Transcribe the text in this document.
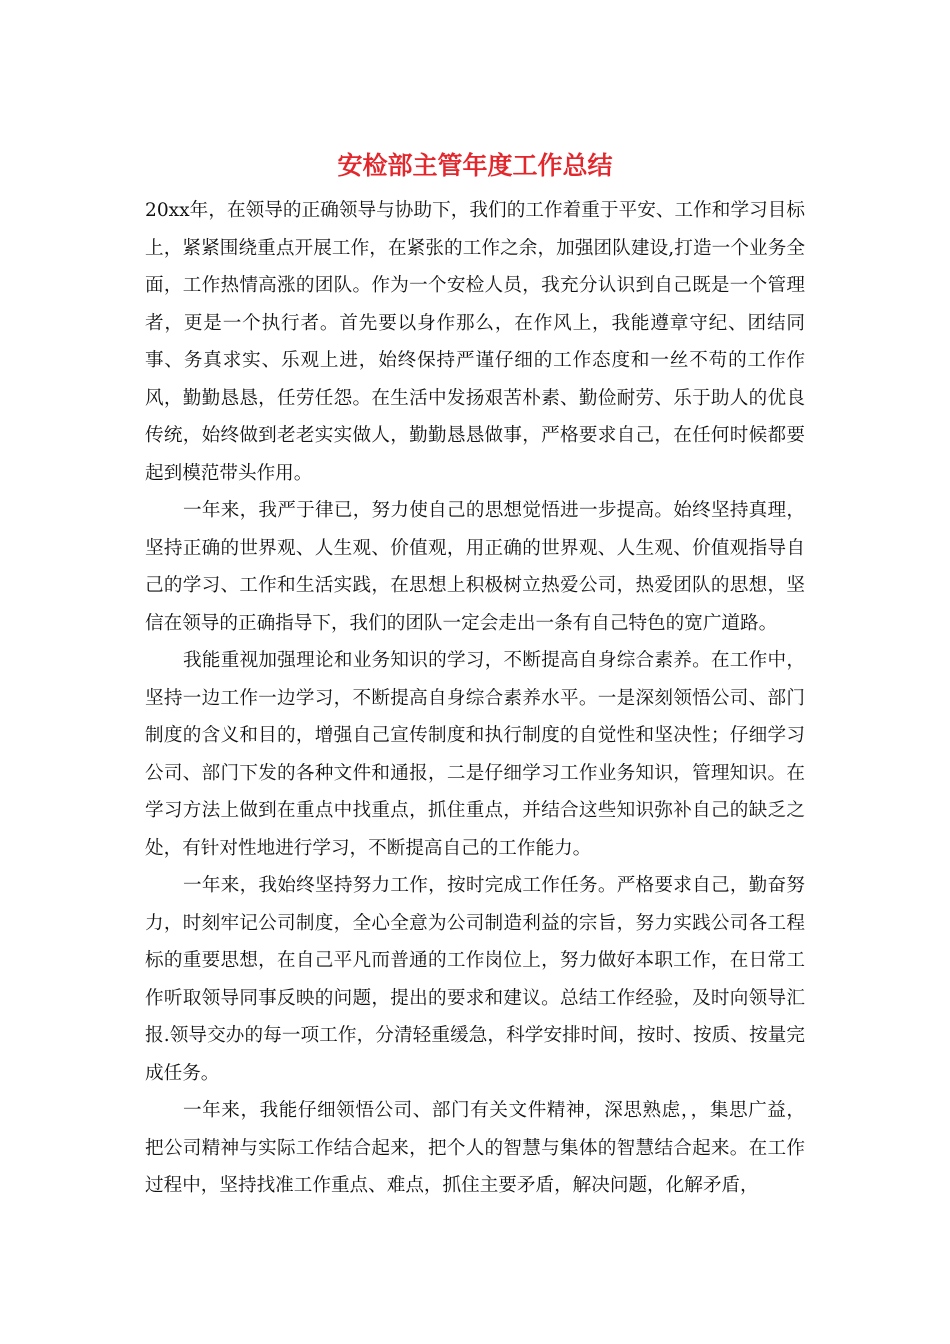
安检部主管年度工作总结

20xx年，在领导的正确领导与协助下，我们的工作着重于平安、工作和学习目标上，紧紧围绕重点开展工作，在紧张的工作之余，加强团队建设,打造一个业务全面，工作热情高涨的团队。作为一个安检人员，我充分认识到自己既是一个管理者，更是一个执行者。首先要以身作那么，在作风上，我能遵章守纪、团结同事、务真求实、乐观上进，始终保持严谨仔细的工作态度和一丝不苟的工作作风，勤勤恳恳，任劳任怨。在生活中发扬艰苦朴素、勤俭耐劳、乐于助人的优良传统，始终做到老老实实做人，勤勤恳恳做事，严格要求自己，在任何时候都要起到模范带头作用。

一年来，我严于律已，努力使自己的思想觉悟进一步提高。始终坚持真理，坚持正确的世界观、人生观、价值观，用正确的世界观、人生观、价值观指导自己的学习、工作和生活实践，在思想上积极树立热爱公司，热爱团队的思想，坚信在领导的正确指导下，我们的团队一定会走出一条有自己特色的宽广道路。

我能重视加强理论和业务知识的学习，不断提高自身综合素养。在工作中，坚持一边工作一边学习，不断提高自身综合素养水平。一是深刻领悟公司、部门制度的含义和目的，增强自己宣传制度和执行制度的自觉性和坚决性；仔细学习公司、部门下发的各种文件和通报，二是仔细学习工作业务知识，管理知识。在学习方法上做到在重点中找重点，抓住重点，并结合这些知识弥补自己的缺乏之处，有针对性地进行学习，不断提高自己的工作能力。

一年来，我始终坚持努力工作，按时完成工作任务。严格要求自己，勤奋努力，时刻牢记公司制度，全心全意为公司制造利益的宗旨，努力实践公司各工程标的重要思想，在自己平凡而普通的工作岗位上，努力做好本职工作，在日常工作听取领导同事反映的问题，提出的要求和建议。总结工作经验，及时向领导汇报.领导交办的每一项工作，分清轻重缓急，科学安排时间，按时、按质、按量完成任务。

一年来，我能仔细领悟公司、部门有关文件精神，深思熟虑，，集思广益，把公司精神与实际工作结合起来，把个人的智慧与集体的智慧结合起来。在工作过程中，坚持找准工作重点、难点，抓住主要矛盾，解决问题，化解矛盾，
